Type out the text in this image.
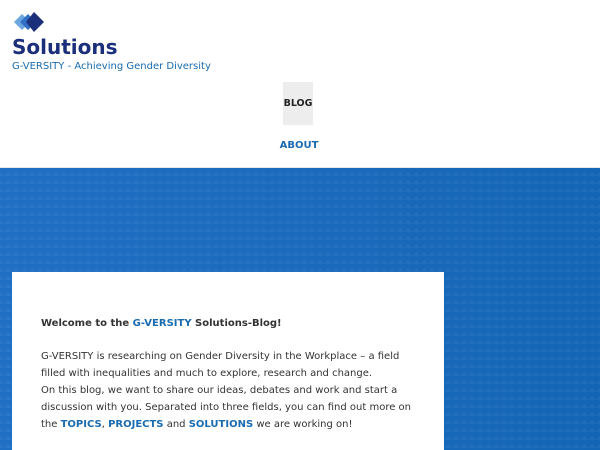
Solutions
G-VERSITY - Achieving Gender Diversity
BLOG
ABOUT

Welcome to the G-VERSITY Solutions-Blog!

G-VERSITY is researching on Gender Diversity in the Workplace – a field filled with inequalities and much to explore, research and change.
On this blog, we want to share our ideas, debates and work and start a discussion with you. Separated into three fields, you can find out more on the TOPICS, PROJECTS and SOLUTIONS we are working on!
